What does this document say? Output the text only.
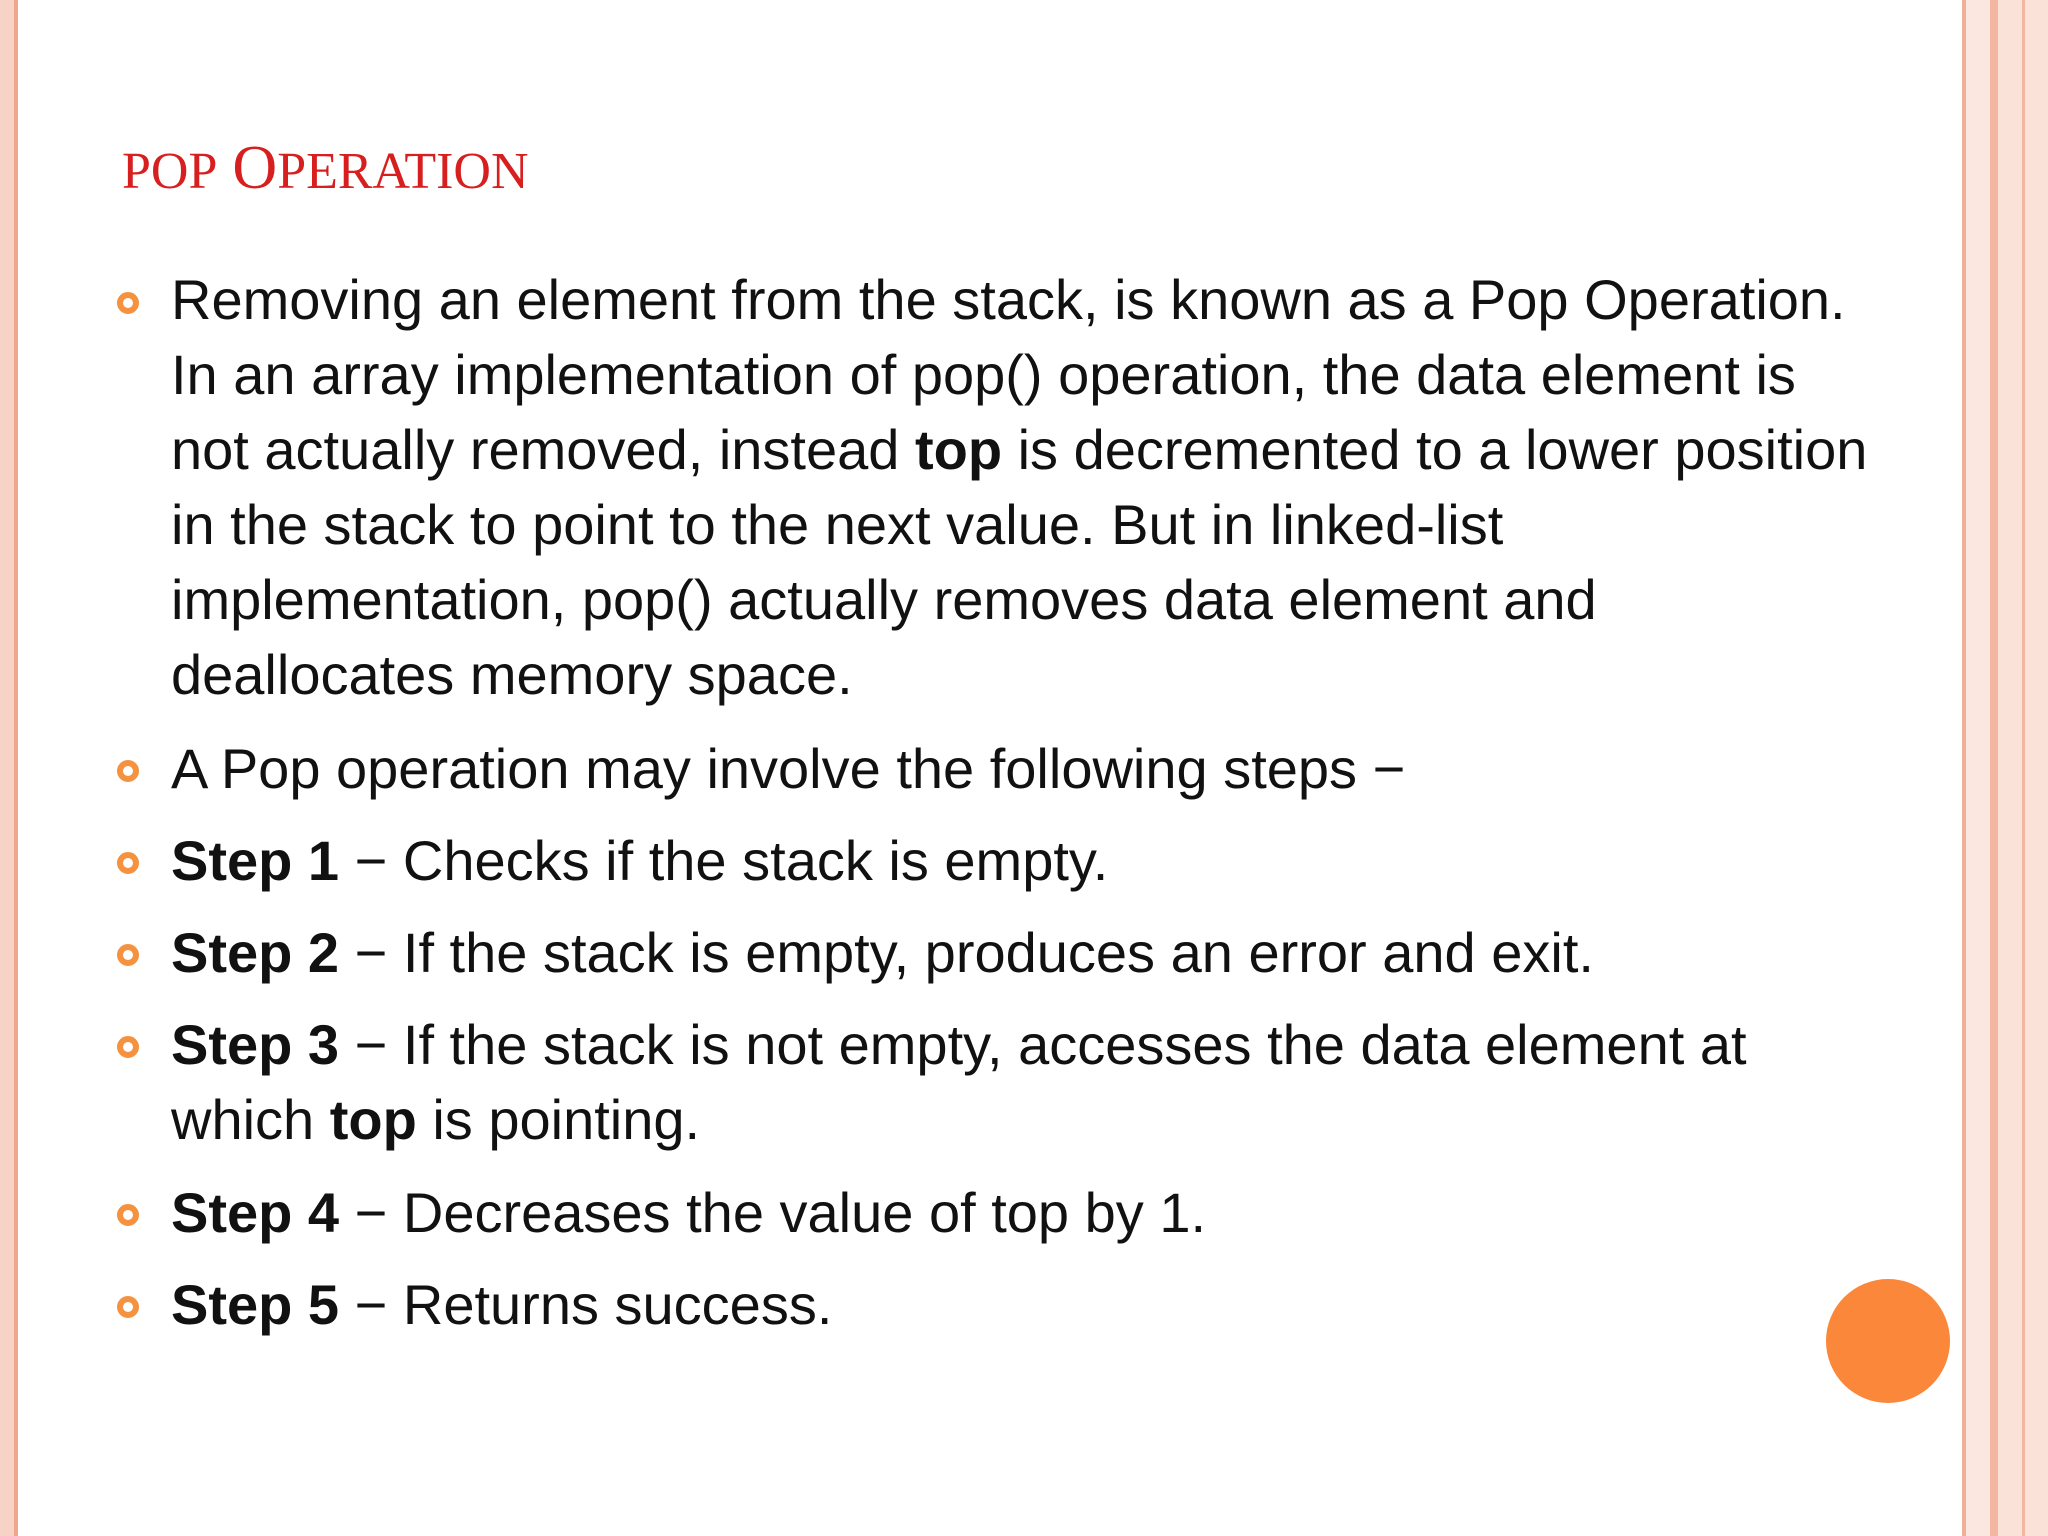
POP OPERATION
Removing an element from the stack, is known as a Pop Operation. In an array implementation of pop() operation, the data element is not actually removed, instead top is decremented to a lower position in the stack to point to the next value. But in linked-list implementation, pop() actually removes data element and deallocates memory space.
A Pop operation may involve the following steps −
Step 1 − Checks if the stack is empty.
Step 2 − If the stack is empty, produces an error and exit.
Step 3 − If the stack is not empty, accesses the data element at which top is pointing.
Step 4 − Decreases the value of top by 1.
Step 5 − Returns success.
